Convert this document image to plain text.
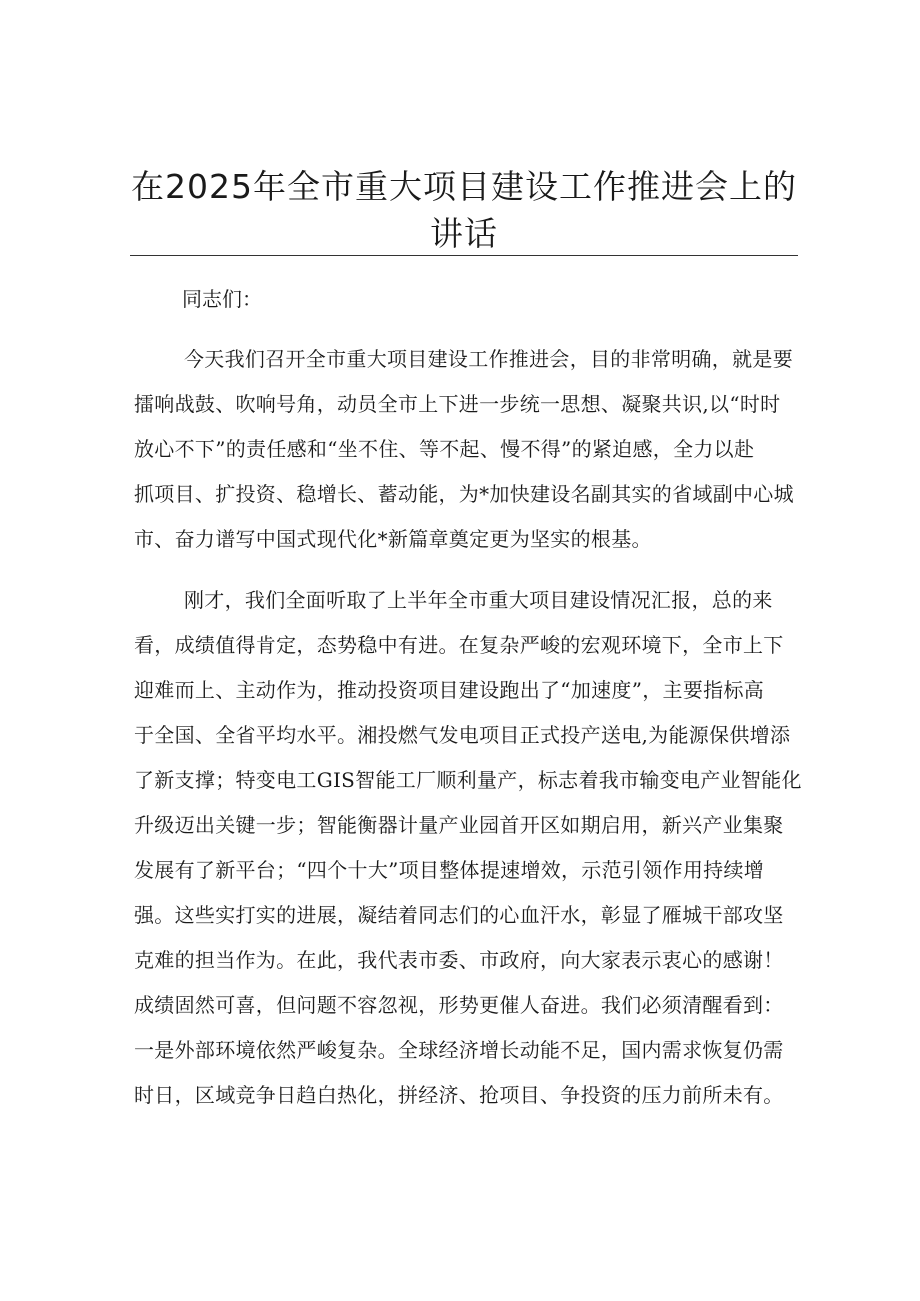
在2025年全市重大项目建设工作推进会上的
讲话

同志们：

今天我们召开全市重大项目建设工作推进会，目的非常明确，就是要
擂响战鼓、吹响号角，动员全市上下进一步统一思想、凝聚共识,以“时时
放心不下”的责任感和“坐不住、等不起、慢不得”的紧迫感，全力以赴
抓项目、扩投资、稳增长、蓄动能，为*加快建设名副其实的省域副中心城
市、奋力谱写中国式现代化*新篇章奠定更为坚实的根基。

刚才，我们全面听取了上半年全市重大项目建设情况汇报，总的来
看，成绩值得肯定，态势稳中有进。在复杂严峻的宏观环境下，全市上下
迎难而上、主动作为，推动投资项目建设跑出了“加速度”，主要指标高
于全国、全省平均水平。湘投燃气发电项目正式投产送电,为能源保供增添
了新支撑；特变电工GIS智能工厂顺利量产，标志着我市输变电产业智能化
升级迈出关键一步；智能衡器计量产业园首开区如期启用，新兴产业集聚
发展有了新平台；“四个十大”项目整体提速增效，示范引领作用持续增
强。这些实打实的进展，凝结着同志们的心血汗水，彰显了雁城干部攻坚
克难的担当作为。在此，我代表市委、市政府，向大家表示衷心的感谢！
成绩固然可喜，但问题不容忽视，形势更催人奋进。我们必须清醒看到：
一是外部环境依然严峻复杂。全球经济增长动能不足，国内需求恢复仍需
时日，区域竞争日趋白热化，拼经济、抢项目、争投资的压力前所未有。
